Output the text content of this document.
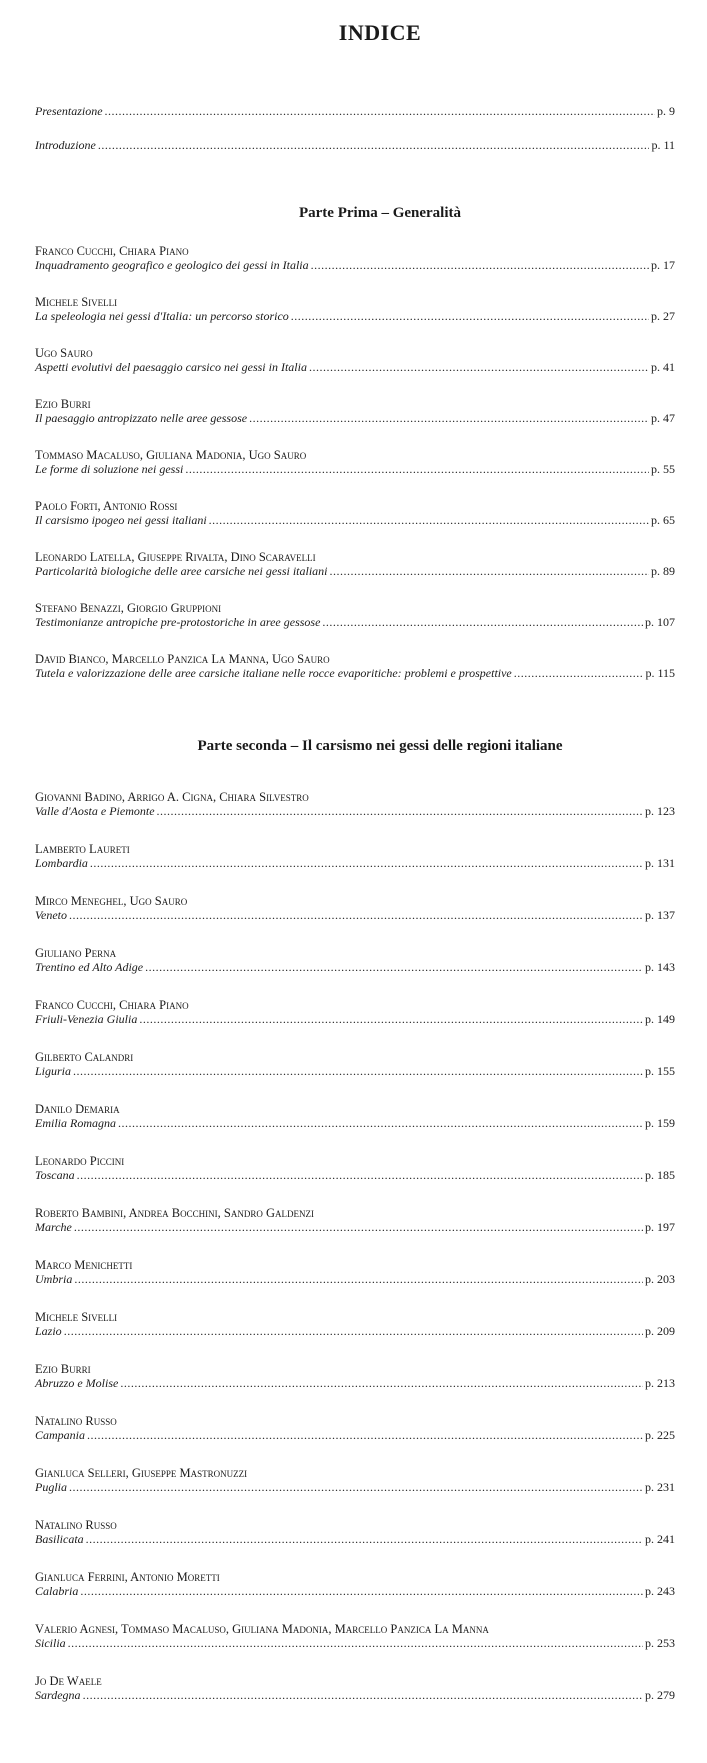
INDICE
Presentazione .....	p. 9
Introduzione .....	p. 11
Parte Prima – Generalità
Franco Cucchi, Chiara Piano
Inquadramento geografico e geologico dei gessi in Italia .....	p. 17
Michele Sivelli
La speleologia nei gessi d'Italia: un percorso storico .....	p. 27
Ugo Sauro
Aspetti evolutivi del paesaggio carsico nei gessi in Italia .....	p. 41
Ezio Burri
Il paesaggio antropizzato nelle aree gessose .....	p. 47
Tommaso Macaluso, Giuliana Madonia, Ugo Sauro
Le forme di soluzione nei gessi .....	p. 55
Paolo Forti, Antonio Rossi
Il carsismo ipogeo nei gessi italiani .....	p. 65
Leonardo Latella, Giuseppe Rivalta, Dino Scaravelli
Particolarità biologiche delle aree carsiche nei gessi italiani .....	p. 89
Stefano Benazzi, Giorgio Gruppioni
Testimonianze antropiche pre-protostoriche in aree gessose .....	p. 107
David Bianco, Marcello Panzica La Manna, Ugo Sauro
Tutela e valorizzazione delle aree carsiche italiane nelle rocce evaporitiche: problemi e prospettive .....	p. 115
Parte seconda – Il carsismo nei gessi delle regioni italiane
Giovanni Badino, Arrigo A. Cigna, Chiara Silvestro
Valle d'Aosta e Piemonte .....	p. 123
Lamberto Laureti
Lombardia .....	p. 131
Mirco Meneghel, Ugo Sauro
Veneto .....	p. 137
Giuliano Perna
Trentino ed Alto Adige .....	p. 143
Franco Cucchi, Chiara Piano
Friuli-Venezia Giulia .....	p. 149
Gilberto Calandri
Liguria .....	p. 155
Danilo Demaria
Emilia Romagna .....	p. 159
Leonardo Piccini
Toscana .....	p. 185
Roberto Bambini, Andrea Bocchini, Sandro Galdenzi
Marche .....	p. 197
Marco Menichetti
Umbria .....	p. 203
Michele Sivelli
Lazio .....	p. 209
Ezio Burri
Abruzzo e Molise .....	p. 213
Natalino Russo
Campania .....	p. 225
Gianluca Selleri, Giuseppe Mastronuzzi
Puglia .....	p. 231
Natalino Russo
Basilicata .....	p. 241
Gianluca Ferrini, Antonio Moretti
Calabria .....	p. 243
Valerio Agnesi, Tommaso Macaluso, Giuliana Madonia, Marcello Panzica La Manna
Sicilia .....	p. 253
Jo De Waele
Sardegna .....	p. 279
